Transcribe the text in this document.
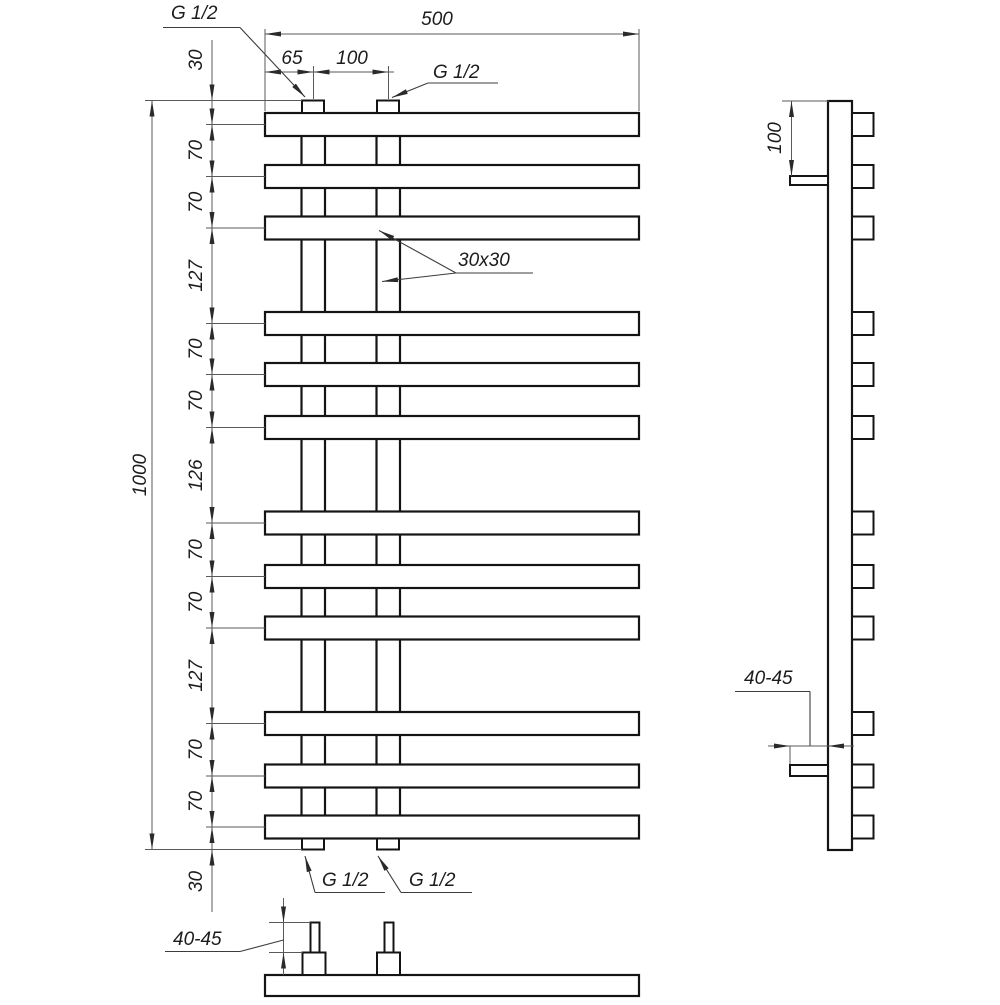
1000
500
65 100
30
70
70
127
70
70
126
70
70
127
70
70
30
G 1/2
G 1/2
30x30
G 1/2 G 1/2
100
40-45
40-45
